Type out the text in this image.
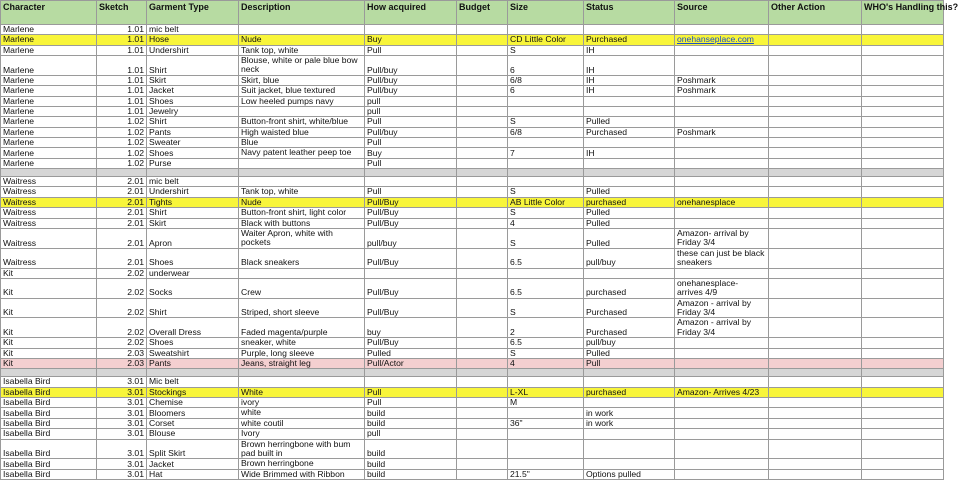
Character	Sketch	Garment Type	Description	How acquired	Budget	Size	Status	Source	Other Action	WHO's Handling this?
Marlene	1.01	mic belt								
Marlene	1.01	Hose	Nude	Buy		CD Little Color	Purchased	onehanseplace.com		
Marlene	1.01	Undershirt	Tank top, white	Pull		S	IH			
Marlene	1.01	Shirt	Blouse, white or pale blue bow neck	Pull/buy		6	IH			
Marlene	1.01	Skirt	Skirt, blue	Pull/buy		6/8	IH	Poshmark		
Marlene	1.01	Jacket	Suit jacket, blue textured	Pull/buy		6	IH	Poshmark		
Marlene	1.01	Shoes	Low heeled pumps navy	pull						
Marlene	1.01	Jewelry		pull						
Marlene	1.02	Shirt	Button-front shirt, white/blue	Pull		S	Pulled			
Marlene	1.02	Pants	High waisted blue	Pull/buy		6/8	Purchased	Poshmark		
Marlene	1.02	Sweater	Blue	Pull						
Marlene	1.02	Shoes	Navy patent leather peep toe	Buy		7	IH			
Marlene	1.02	Purse		Pull						

Waitress	2.01	mic belt								
Waitress	2.01	Undershirt	Tank top, white	Pull		S	Pulled			
Waitress	2.01	Tights	Nude	Pull/Buy		AB Little Color	purchased	onehanesplace		
Waitress	2.01	Shirt	Button-front shirt, light color	Pull/Buy		S	Pulled			
Waitress	2.01	Skirt	Black with buttons	Pull/Buy		4	Pulled			
Waitress	2.01	Apron	Waiter Apron, white with pockets	pull/buy		S	Pulled	Amazon- arrival by Friday 3/4		
Waitress	2.01	Shoes	Black sneakers	Pull/Buy		6.5	pull/buy	these can just be black sneakers		
Kit	2.02	underwear								
Kit	2.02	Socks	Crew	Pull/Buy		6.5	purchased	onehanesplace- arrives 4/9		
Kit	2.02	Shirt	Striped, short sleeve	Pull/Buy		S	Purchased	Amazon - arrival by Friday 3/4		
Kit	2.02	Overall Dress	Faded magenta/purple	buy		2	Purchased	Amazon - arrival by Friday 3/4		
Kit	2.02	Shoes	sneaker, white	Pull/Buy		6.5	pull/buy			
Kit	2.03	Sweatshirt	Purple, long sleeve	Pulled		S	Pulled			
Kit	2.03	Pants	Jeans, straight leg	Pull/Actor		4	Pull			

Isabella Bird	3.01	Mic belt								
Isabella Bird	3.01	Stockings	White	Pull		L-XL	purchased	Amazon- Arrives 4/23		
Isabella Bird	3.01	Chemise	ivory	Pull		M				
Isabella Bird	3.01	Bloomers	white	build			in work			
Isabella Bird	3.01	Corset	white coutil	build		36"	in work			
Isabella Bird	3.01	Blouse	Ivory	pull						
Isabella Bird	3.01	Split Skirt	Brown herringbone with bum pad built in	build						
Isabella Bird	3.01	Jacket	Brown herringbone	build						
Isabella Bird	3.01	Hat	Wide Brimmed with Ribbon	build		21.5"	Options pulled			
